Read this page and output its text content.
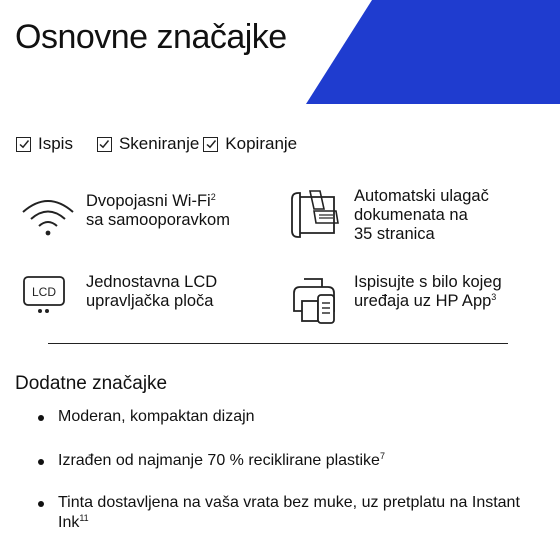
Osnovne značajke
Ispis	Skeniranje Kopiranje
Dvopojasni Wi-Fi$^2$
sa samooporavkom
Automatski ulagač
dokumenata na
35 stranica
LCD
Jednostavna LCD
upravljačka ploča
Ispisujte s bilo kojeg
uređaja uz HP App$^3$
Dodatne značajke
Moderan, kompaktan dizajn
Izrađen od najmanje 70 % reciklirane plastike$^7$
Tinta dostavljena na vaša vrata bez muke, uz pretplatu na Instant Ink$^{11}$
